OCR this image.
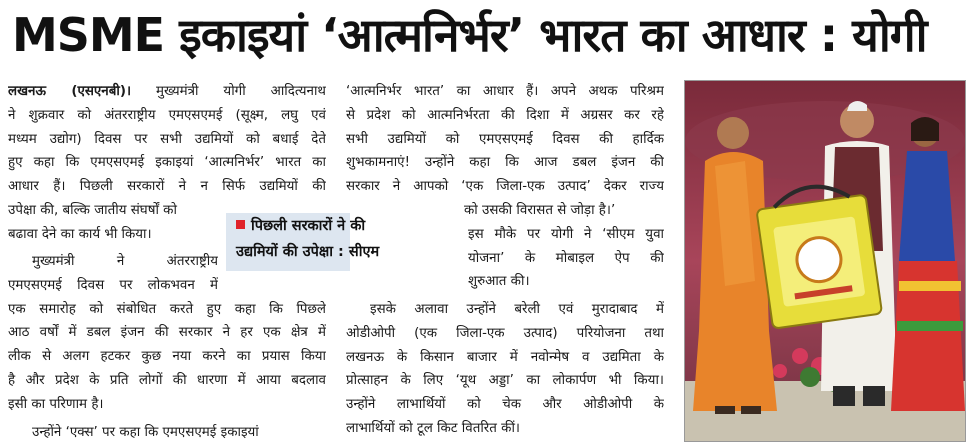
MSME इकाइयां ‘आत्मनिर्भर’ भारत का आधार : योगी
लखनऊ (एसएनबी)। मुख्यमंत्री योगी आदित्यनाथ
ने शुक्रवार को अंतरराष्ट्रीय एमएसएमई (सूक्ष्म, लघु एवं
मध्यम उद्योग) दिवस पर सभी उद्यमियों को बधाई देते
हुए कहा कि एमएसएमई इकाइयां ‘आत्मनिर्भर’ भारत का
आधार हैं। पिछली सरकारों ने न सिर्फ उद्यमियों की
उपेक्षा की, बल्कि जातीय संघर्षों को
बढावा देने का कार्य भी किया।
मुख्यमंत्री ने अंतरराष्ट्रीय
एमएसएमई दिवस पर लोकभवन में
एक समारोह को संबोधित करते हुए कहा कि पिछले
आठ वर्षों में डबल इंजन की सरकार ने हर एक क्षेत्र में
लीक से अलग हटकर कुछ नया करने का प्रयास किया
है और प्रदेश के प्रति लोगों की धारणा में आया बदलाव
इसी का परिणाम है।
उन्होंने ‘एक्स’ पर कहा कि एमएसएमई इकाइयां
पिछली सरकारों ने की
उद्यमियों की उपेक्षा : सीएम
‘आत्मनिर्भर भारत’ का आधार हैं। अपने अथक परिश्रम
से प्रदेश को आत्मनिर्भरता की दिशा में अग्रसर कर रहे
सभी उद्यमियों को एमएसएमई दिवस की हार्दिक
शुभकामनाएं! उन्होंने कहा कि आज डबल इंजन की
सरकार ने आपको ‘एक जिला-एक उत्पाद’ देकर राज्य
को उसकी विरासत से जोड़ा है।’
इस मौके पर योगी ने ‘सीएम युवा
योजना’ के मोबाइल ऐप की
शुरुआत की।
इसके अलावा उन्होंने बरेली एवं मुरादाबाद में
ओडीओपी (एक जिला-एक उत्पाद) परियोजना तथा
लखनऊ के किसान बाजार में नवोन्मेष व उद्यमिता के
प्रोत्साहन के लिए ‘यूथ अड्डा’ का लोकार्पण भी किया।
उन्होंने लाभार्थियों को चेक और ओडीओपी के
लाभार्थियों को टूल किट वितरित कीं।
